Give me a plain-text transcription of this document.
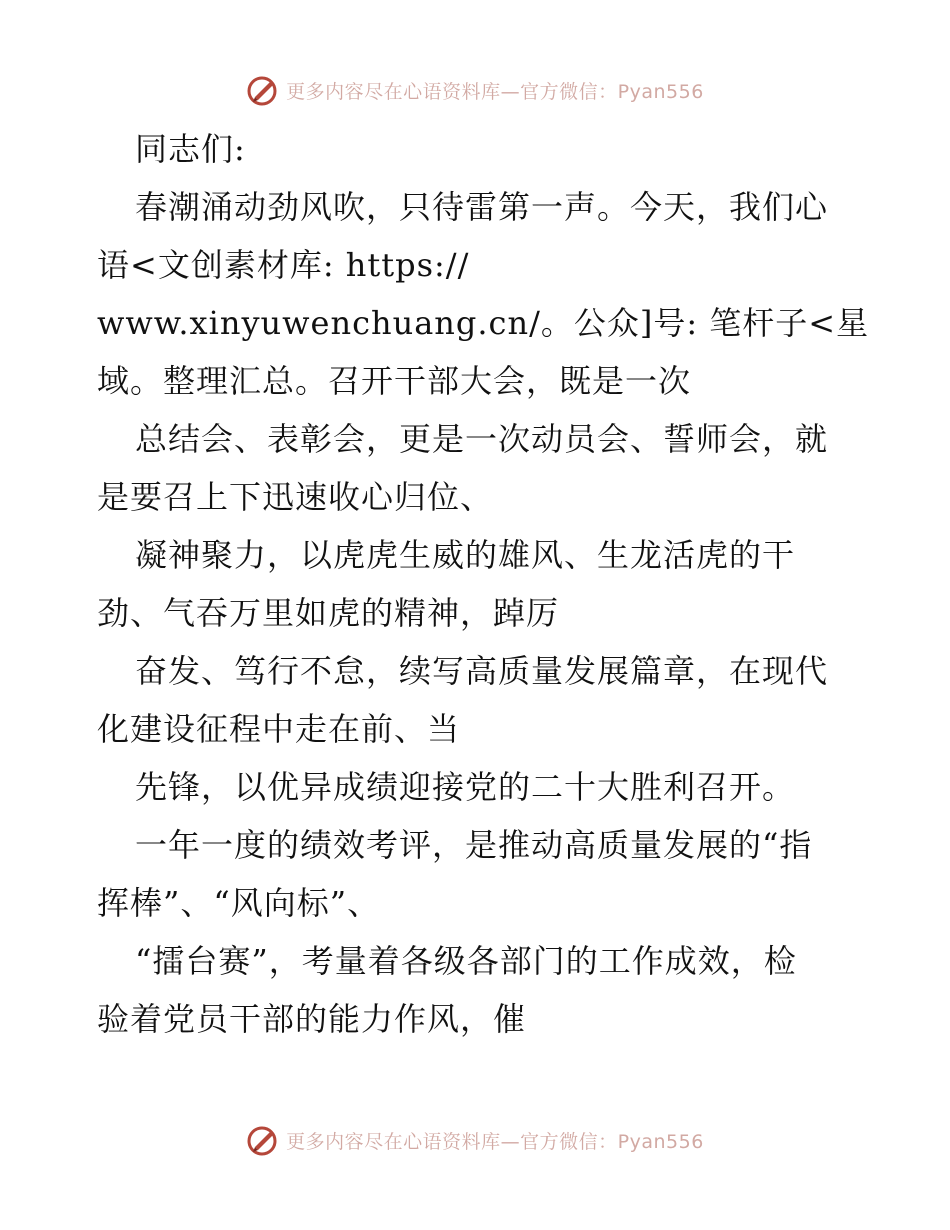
更多内容尽在心语资料库—官方微信：Pyan556
同志们:
春潮涌动劲风吹，只待雷第一声。今天，我们心
语<文创素材库: https://
www.xinyuwenchuang.cn/。公众]号: 笔杆子<星
域。整理汇总。召开干部大会，既是一次
总结会、表彰会，更是一次动员会、誓师会，就
是要召上下迅速收心归位、
凝神聚力，以虎虎生威的雄风、生龙活虎的干
劲、气吞万里如虎的精神，踔厉
奋发、笃行不怠，续写高质量发展篇章，在现代
化建设征程中走在前、当
先锋，以优异成绩迎接党的二十大胜利召开。
一年一度的绩效考评，是推动高质量发展的“指
挥棒”、“风向标”、
“擂台赛”，考量着各级各部门的工作成效，检
验着党员干部的能力作风，催
更多内容尽在心语资料库—官方微信：Pyan556
